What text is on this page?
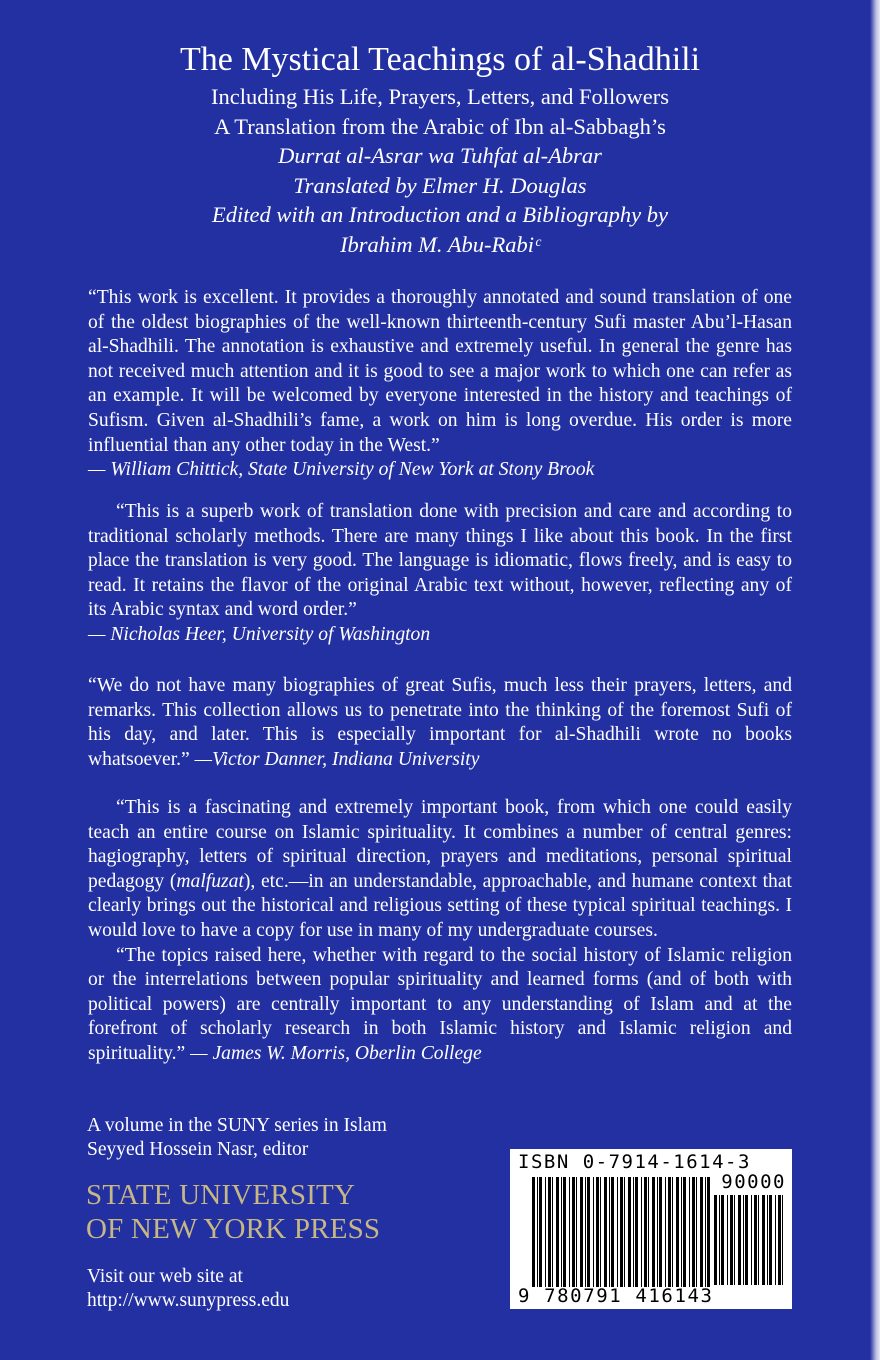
The Mystical Teachings of al-Shadhili

Including His Life, Prayers, Letters, and Followers

A Translation from the Arabic of Ibn al-Sabbagh’s

Durrat al-Asrar wa Tuhfat al-Abrar

Translated by Elmer H. Douglas

Edited with an Introduction and a Bibliography by

Ibrahim M. Abu-Rabiᶜ

“This work is excellent. It provides a thoroughly annotated and sound translation of one of the oldest biographies of the well-known thirteenth-century Sufi master Abu’l-Hasan al-Shadhili. The annotation is exhaustive and extremely useful. In general the genre has not received much attention and it is good to see a major work to which one can refer as an example. It will be welcomed by everyone interested in the history and teachings of Sufism. Given al-Shadhili’s fame, a work on him is long overdue. His order is more influential than any other today in the West.”
— William Chittick, State University of New York at Stony Brook

“This is a superb work of translation done with precision and care and according to traditional scholarly methods. There are many things I like about this book. In the first place the translation is very good. The language is idiomatic, flows freely, and is easy to read. It retains the flavor of the original Arabic text without, however, reflecting any of its Arabic syntax and word order.”
— Nicholas Heer, University of Washington

“We do not have many biographies of great Sufis, much less their prayers, letters, and remarks. This collection allows us to penetrate into the thinking of the foremost Sufi of his day, and later. This is especially important for al-Shadhili wrote no books whatsoever.” —Victor Danner, Indiana University

“This is a fascinating and extremely important book, from which one could easily teach an entire course on Islamic spirituality. It combines a number of central genres: hagiography, letters of spiritual direction, prayers and meditations, personal spiritual pedagogy (malfuzat), etc.—in an understandable, approachable, and humane context that clearly brings out the historical and religious setting of these typical spiritual teachings. I would love to have a copy for use in many of my undergraduate courses.

“The topics raised here, whether with regard to the social history of Islamic religion or the interrelations between popular spirituality and learned forms (and of both with political powers) are centrally important to any understanding of Islam and at the forefront of scholarly research in both Islamic history and Islamic religion and spirituality.” — James W. Morris, Oberlin College

A volume in the SUNY series in Islam
Seyyed Hossein Nasr, editor
STATE UNIVERSITY
OF NEW YORK PRESS
Visit our web site at
http://www.sunypress.edu
ISBN 0-7914-1614-3
90000
9 780791 416143
